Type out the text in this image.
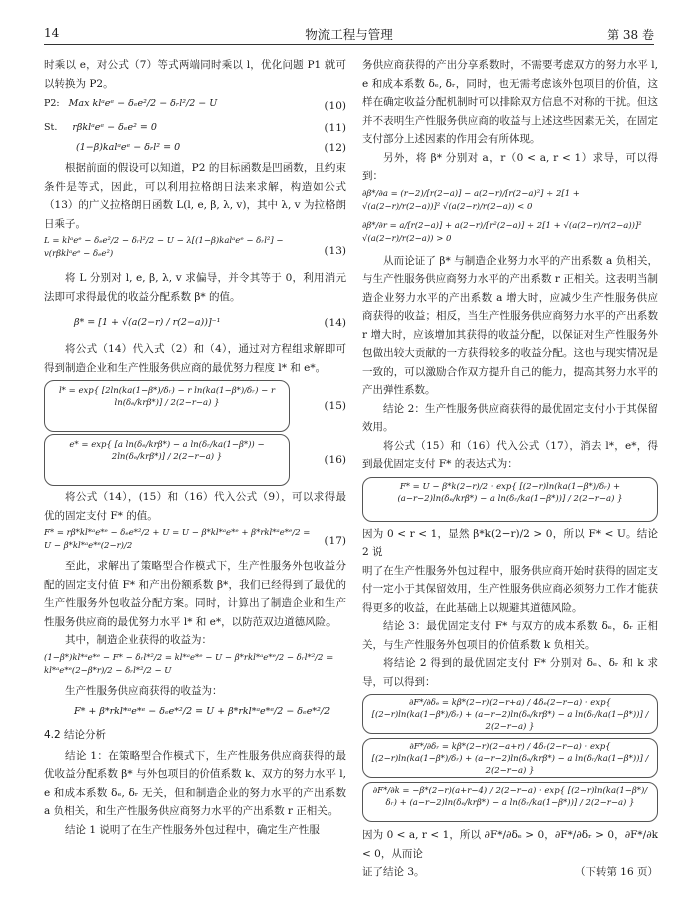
14	物流工程与管理	第 38 卷

时乘以 e，对公式（7）等式两端同时乘以 l，优化问题 P1 就可以转换为 P2。

P2: Max klᵃeᵉ − δₑe²/2 − δᵣl²/2 − U	(10)
St. rβklᵃeᵉ − δₑe² = 0	(11)
(1−β)kalᵃeᵉ − δᵣl² = 0	(12)

根据前面的假设可以知道，P2 的目标函数是凹函数，且约束条件是等式，因此，可以利用拉格朗日法来求解，构造如公式（13）的广义拉格朗日函数 L(l, e, β, λ, v)，其中 λ, v 为拉格朗日乘子。

L = klᵃeᵉ − δₑe²/2 − δᵣl²/2 − U − λ[(1−β)kalᵃeᵉ − δᵣl²] − v(rβklᵃeᵉ − δₑe²)	(13)

将 L 分别对 l, e, β, λ, v 求偏导，并令其等于 0，利用消元法即可求得最优的收益分配系数 β* 的值。

β* = [1 + √(a(2−r) / r(2−a))]⁻¹	(14)

将公式（14）代入式（2）和（4），通过对方程组求解即可得到制造企业和生产性服务供应商的最优努力程度 l* 和 e*。

l* = exp{ [2ln(ka(1−β*)/δᵣ) − r ln(ka(1−β*)/δᵣ) − r ln(δₑ/krβ*)] / 2(2−r−a) }	(15)
e* = exp{ [a ln(δₑ/krβ*) − a ln(δᵣ/ka(1−β*)) − 2ln(δₑ/krβ*)] / 2(2−r−a) }	(16)

将公式（14），(15）和（16）代入公式（9），可以求得最优的固定支付 F* 的值。

F* = rβ*kl*ᵃe*ᵉ − δₑe*²/2 + U = U − β*kl*ᵃe*ᵉ + β*rkl*ᵃe*ᵉ/2 = U − β*kl*ᵃe*ᵉ(2−r)/2	(17)

至此，求解出了策略型合作模式下，生产性服务外包收益分配的固定支付值 F* 和产出份额系数 β*，我们已经得到了最优的生产性服务外包收益分配方案。同时，计算出了制造企业和生产性服务供应商的最优努力水平 l* 和 e*，以防范双边道德风险。

其中，制造企业获得的收益为：

(1−β*)kl*ᵃe*ᵉ − F* − δᵣl*²/2 = kl*ᵃe*ᵉ − U − β*rkl*ᵃe*ᵉ/2 − δᵣl*²/2 = kl*ᵃe*ᵉ(2−β*r)/2 − δᵣl*²/2 − U

生产性服务供应商获得的收益为：

F* + β*rkl*ᵃe*ᵉ − δₑe*²/2 = U + β*rkl*ᵃe*ᵉ/2 − δₑe*²/2
4.2 结论分析

结论 1：在策略型合作模式下，生产性服务供应商获得的最优收益分配系数 β* 与外包项目的价值系数 k、双方的努力水平 l, e 和成本系数 δₑ, δᵣ 无关，但和制造企业的努力水平的产出系数 a 负相关，和生产性服务供应商努力水平的产出系数 r 正相关。

结论 1 说明了在生产性服务外包过程中，确定生产性服

务供应商获得的产出分享系数时，不需要考虑双方的努力水平 l, e 和成本系数 δₑ, δᵣ，同时，也无需考虑该外包项目的价值，这样在确定收益分配机制时可以排除双方信息不对称的干扰。但这并不表明生产性服务供应商的收益与上述这些因素无关，在固定支付部分上述因素的作用会有所体现。

另外，将 β* 分别对 a，r（0 < a, r < 1）求导，可以得到：

∂β*/∂a = (r−2)/[r(2−a)] − a(2−r)/[r(2−a)²] ÷ 2[1 + √(a(2−r)/r(2−a))]² √(a(2−r)/r(2−a)) < 0
∂β*/∂r = a/[r(2−a)] + a(2−r)/[r²(2−a)] ÷ 2[1 + √(a(2−r)/r(2−a))]² √(a(2−r)/r(2−a)) > 0

从而论证了 β* 与制造企业努力水平的产出系数 a 负相关，与生产性服务供应商努力水平的产出系数 r 正相关。这表明当制造企业努力水平的产出系数 a 增大时，应减少生产性服务供应商获得的收益；相反，当生产性服务供应商努力水平的产出系数 r 增大时，应该增加其获得的收益分配，以保证对生产性服务外包做出较大贡献的一方获得较多的收益分配。这也与现实情况是一致的，可以激励合作双方提升自己的能力，提高其努力水平的产出弹性系数。

结论 2：生产性服务供应商获得的最优固定支付小于其保留效用。

将公式（15）和（16）代入公式（17），消去 l*，e*，得到最优固定支付 F* 的表达式为：

F* = U − β*k(2−r)/2 · exp{ [(2−r)ln(ka(1−β*)/δᵣ) + (a−r−2)ln(δₑ/krβ*) − a ln(δᵣ/ka(1−β*))] / 2(2−r−a) }

因为 0 < r < 1，显然 β*k(2−r)/2 > 0，所以 F* < U。结论 2 说

明了在生产性服务外包过程中，服务供应商开始时获得的固定支付一定小于其保留效用，生产性服务供应商必须努力工作才能获得更多的收益，在此基础上以规避其道德风险。

结论 3：最优固定支付 F* 与双方的成本系数 δₑ，δᵣ 正相关，与生产性服务外包项目的价值系数 k 负相关。

将结论 2 得到的最优固定支付 F* 分别对 δₑ、δᵣ 和 k 求导，可以得到：

∂F*/∂δₑ = kβ*(2−r)(2−r+a) / 4δₑ(2−r−a) · exp{ [(2−r)ln(ka(1−β*)/δᵣ) + (a−r−2)ln(δₑ/krβ*) − a ln(δᵣ/ka(1−β*))] / 2(2−r−a) }
∂F*/∂δᵣ = kβ*(2−r)(2−a+r) / 4δᵣ(2−r−a) · exp{ [(2−r)ln(ka(1−β*)/δᵣ) + (a−r−2)ln(δₑ/krβ*) − a ln(δᵣ/ka(1−β*))] / 2(2−r−a) }
∂F*/∂k = −β*(2−r)(a+r−4) / 2(2−r−a) · exp{ [(2−r)ln(ka(1−β*)/δᵣ) + (a−r−2)ln(δₑ/krβ*) − a ln(δᵣ/ka(1−β*))] / 2(2−r−a) }

因为 0 < a, r < 1，所以 ∂F*/∂δₑ > 0，∂F*/∂δᵣ > 0，∂F*/∂k < 0，从而论

证了结论 3。	（下转第 16 页）
